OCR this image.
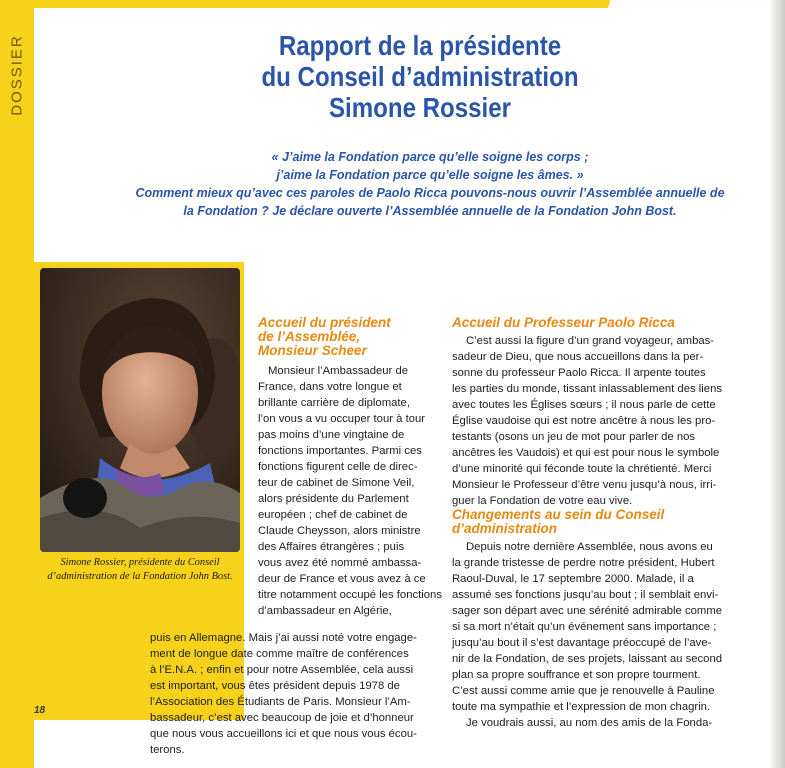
DOSSIER	Rapport de la présidente
du Conseil d’administration
Simone Rossier
« J’aime la Fondation parce qu’elle soigne les corps ;
j’aime la Fondation parce qu’elle soigne les âmes. »
Comment mieux qu’avec ces paroles de Paolo Ricca pouvons-nous ouvrir l’Assemblée annuelle de
la Fondation ? Je déclare ouverte l’Assemblée annuelle de la Fondation John Bost.
Simone Rossier, présidente du Conseil
d’administration de la Fondation John Bost.
Accueil du président
de l’Assemblée,
Monsieur Scheer
Monsieur l’Ambassadeur de
France, dans votre longue et
brillante carrière de diplomate,
l’on vous a vu occuper tour à tour
pas moins d’une vingtaine de
fonctions importantes. Parmi ces
fonctions figurent celle de direc-
teur de cabinet de Simone Veil,
alors présidente du Parlement
européen ; chef de cabinet de
Claude Cheysson, alors ministre
des Affaires étrangères ; puis
vous avez été nommé ambassa-
deur de France et vous avez à ce
titre notamment occupé les fonctions
d’ambassadeur en Algérie,
puis en Allemagne. Mais j’ai aussi noté votre engage-
ment de longue date comme maître de conférences
à l’E.N.A. ; enfin et pour notre Assemblée, cela aussi
est important, vous êtes président depuis 1978 de
l’Association des Étudiants de Paris. Monsieur l’Am-
bassadeur, c’est avec beaucoup de joie et d’honneur
que nous vous accueillons ici et que nous vous écou-
terons.
Accueil du Professeur Paolo Ricca
C’est aussi la figure d’un grand voyageur, ambas-
sadeur de Dieu, que nous accueillons dans la per-
sonne du professeur Paolo Ricca. Il arpente toutes
les parties du monde, tissant inlassablement des liens
avec toutes les Églises sœurs ; il nous parle de cette
Église vaudoise qui est notre ancêtre à nous les pro-
testants (osons un jeu de mot pour parler de nos
ancêtres les Vaudois) et qui est pour nous le symbole
d’une minorité qui féconde toute la chrétienté. Merci
Monsieur le Professeur d’être venu jusqu’à nous, irri-
guer la Fondation de votre eau vive.
Changements au sein du Conseil
d’administration
Depuis notre dernière Assemblée, nous avons eu
la grande tristesse de perdre notre président, Hubert
Raoul-Duval, le 17 septembre 2000. Malade, il a
assumé ses fonctions jusqu’au bout ; il semblait envi-
sager son départ avec une sérénité admirable comme
si sa mort n’était qu’un événement sans importance ;
jusqu’au bout il s’est davantage préoccupé de l’ave-
nir de la Fondation, de ses projets, laissant au second
plan sa propre souffrance et son propre tourment.
C’est aussi comme amie que je renouvelle à Pauline
toute ma sympathie et l’expression de mon chagrin.
Je voudrais aussi, au nom des amis de la Fonda-
18
